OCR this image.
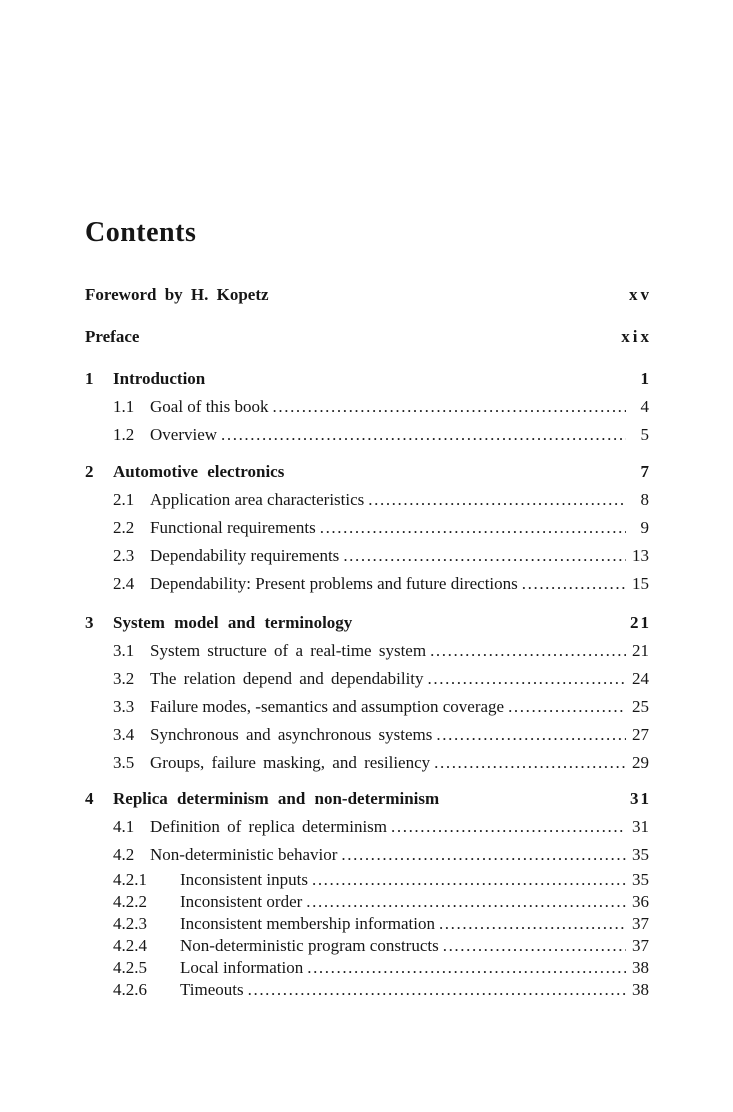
Contents
Foreword by H. Kopetz	xv
Preface	xix
1	Introduction	1
1.1 Goal of this book .....	4
1.2 Overview .....	5
2	Automotive electronics	7
2.1 Application area characteristics .....	8
2.2 Functional requirements .....	9
2.3 Dependability requirements .....	13
2.4 Dependability: Present problems and future directions .....	15
3	System model and terminology	21
3.1 System structure of a real-time system .....	21
3.2 The relation depend and dependability .....	24
3.3 Failure modes, -semantics and assumption coverage .....	25
3.4 Synchronous and asynchronous systems .....	27
3.5 Groups, failure masking, and resiliency .....	29
4	Replica determinism and non-determinism	31
4.1 Definition of replica determinism .....	31
4.2 Non-deterministic behavior .....	35
4.2.1	Inconsistent inputs .....	35
4.2.2	Inconsistent order .....	36
4.2.3	Inconsistent membership information .....	37
4.2.4	Non-deterministic program constructs .....	37
4.2.5	Local information .....	38
4.2.6	Timeouts .....	38
